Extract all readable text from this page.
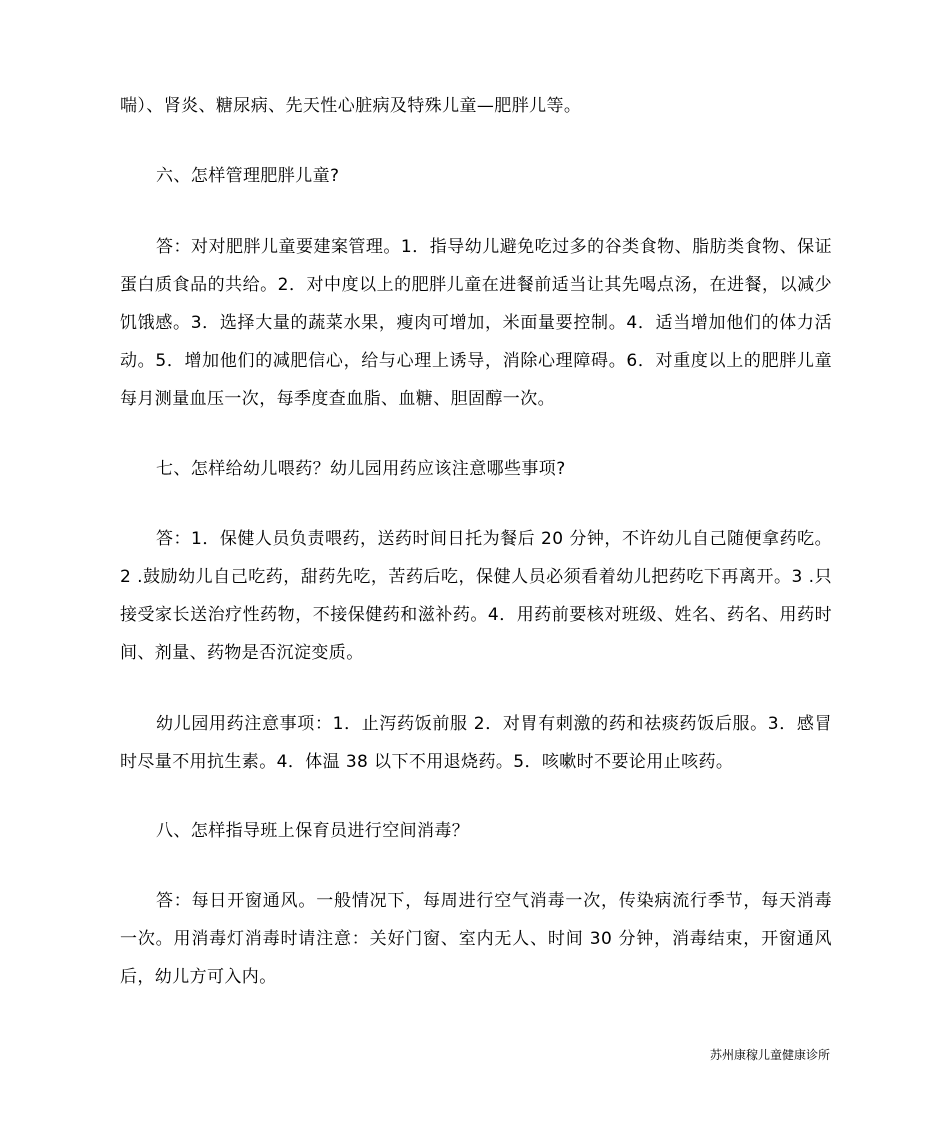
喘）、肾炎、糖尿病、先天性心脏病及特殊儿童—肥胖儿等。

六、怎样管理肥胖儿童?

答：对对肥胖儿童要建案管理。1．指导幼儿避免吃过多的谷类食物、脂肪类食物、保证蛋白质食品的共给。2．对中度以上的肥胖儿童在进餐前适当让其先喝点汤，在进餐，以减少饥饿感。3．选择大量的蔬菜水果，瘦肉可增加，米面量要控制。4．适当增加他们的体力活动。5．增加他们的减肥信心，给与心理上诱导，消除心理障碍。6．对重度以上的肥胖儿童每月测量血压一次，每季度查血脂、血糖、胆固醇一次。

七、怎样给幼儿喂药？幼儿园用药应该注意哪些事项?

答：1．保健人员负责喂药，送药时间日托为餐后 20 分钟，不许幼儿自己随便拿药吃。2 .鼓励幼儿自己吃药，甜药先吃，苦药后吃，保健人员必须看着幼儿把药吃下再离开。3 .只接受家长送治疗性药物，不接保健药和滋补药。4．用药前要核对班级、姓名、药名、用药时间、剂量、药物是否沉淀变质。

幼儿园用药注意事项：1．止泻药饭前服 2．对胃有刺激的药和祛痰药饭后服。3．感冒时尽量不用抗生素。4．体温 38 以下不用退烧药。5．咳嗽时不要论用止咳药。

八、怎样指导班上保育员进行空间消毒？

答：每日开窗通风。一般情况下，每周进行空气消毒一次，传染病流行季节，每天消毒一次。用消毒灯消毒时请注意：关好门窗、室内无人、时间 30 分钟，消毒结束，开窗通风后，幼儿方可入内。

苏州康稼儿童健康诊所
